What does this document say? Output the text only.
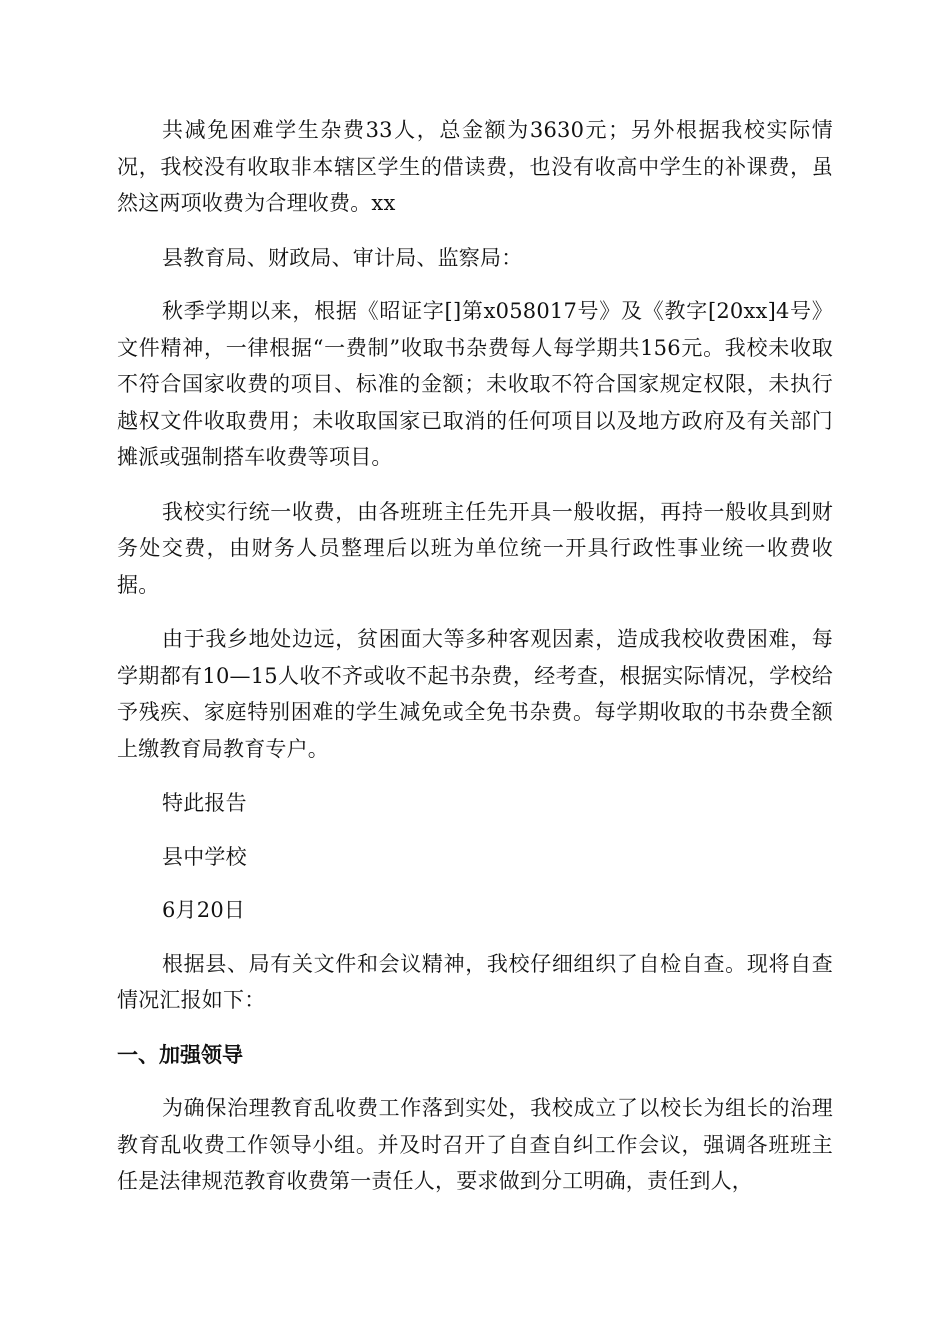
共减免困难学生杂费33人，总金额为3630元；另外根据我校实际情况，我校没有收取非本辖区学生的借读费，也没有收高中学生的补课费，虽然这两项收费为合理收费。xx

县教育局、财政局、审计局、监察局：

秋季学期以来，根据《昭证字[]第x058017号》及《教字[20xx]4号》文件精神，一律根据“一费制”收取书杂费每人每学期共156元。我校未收取不符合国家收费的项目、标准的金额；未收取不符合国家规定权限，未执行越权文件收取费用；未收取国家已取消的任何项目以及地方政府及有关部门摊派或强制搭车收费等项目。

我校实行统一收费，由各班班主任先开具一般收据，再持一般收具到财务处交费，由财务人员整理后以班为单位统一开具行政性事业统一收费收据。

由于我乡地处边远，贫困面大等多种客观因素，造成我校收费困难，每学期都有10—15人收不齐或收不起书杂费，经考查，根据实际情况，学校给予残疾、家庭特别困难的学生减免或全免书杂费。每学期收取的书杂费全额上缴教育局教育专户。

特此报告

县中学校

6月20日

根据县、局有关文件和会议精神，我校仔细组织了自检自查。现将自查情况汇报如下：

一、加强领导

为确保治理教育乱收费工作落到实处，我校成立了以校长为组长的治理教育乱收费工作领导小组。并及时召开了自查自纠工作会议，强调各班班主任是法律规范教育收费第一责任人，要求做到分工明确，责任到人，
